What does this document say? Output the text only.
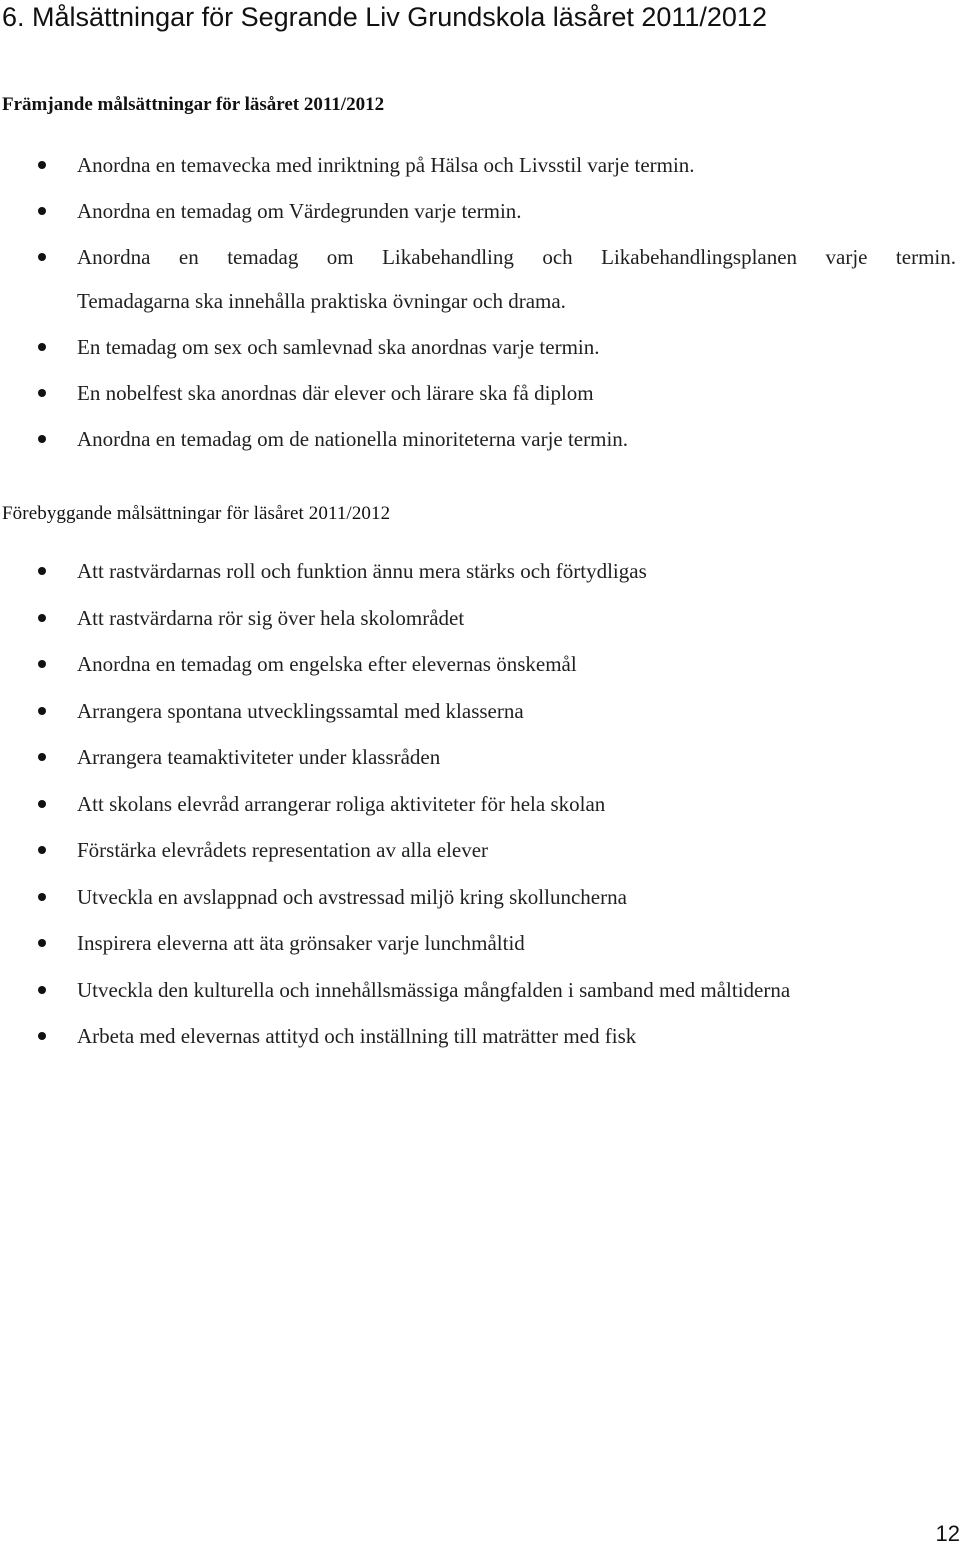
6. Målsättningar för Segrande Liv Grundskola läsåret 2011/2012
Främjande målsättningar för läsåret 2011/2012
Anordna en temavecka med inriktning på Hälsa och Livsstil varje termin.
Anordna en temadag om Värdegrunden varje termin.
Anordna en temadag om Likabehandling och Likabehandlingsplanen varje termin.
Temadagarna ska innehålla praktiska övningar och drama.
En temadag om sex och samlevnad ska anordnas varje termin.
En nobelfest ska anordnas där elever och lärare ska få diplom
Anordna en temadag om de nationella minoriteterna varje termin.
Förebyggande målsättningar för läsåret 2011/2012
Att rastvärdarnas roll och funktion ännu mera stärks och förtydligas
Att rastvärdarna rör sig över hela skolområdet
Anordna en temadag om engelska efter elevernas önskemål
Arrangera spontana utvecklingssamtal med klasserna
Arrangera teamaktiviteter under klassråden
Att skolans elevråd arrangerar roliga aktiviteter för hela skolan
Förstärka elevrådets representation av alla elever
Utveckla en avslappnad och avstressad miljö kring skolluncherna
Inspirera eleverna att äta grönsaker varje lunchmåltid
Utveckla den kulturella och innehållsmässiga mångfalden i samband med måltiderna
Arbeta med elevernas attityd och inställning till maträtter med fisk
12
